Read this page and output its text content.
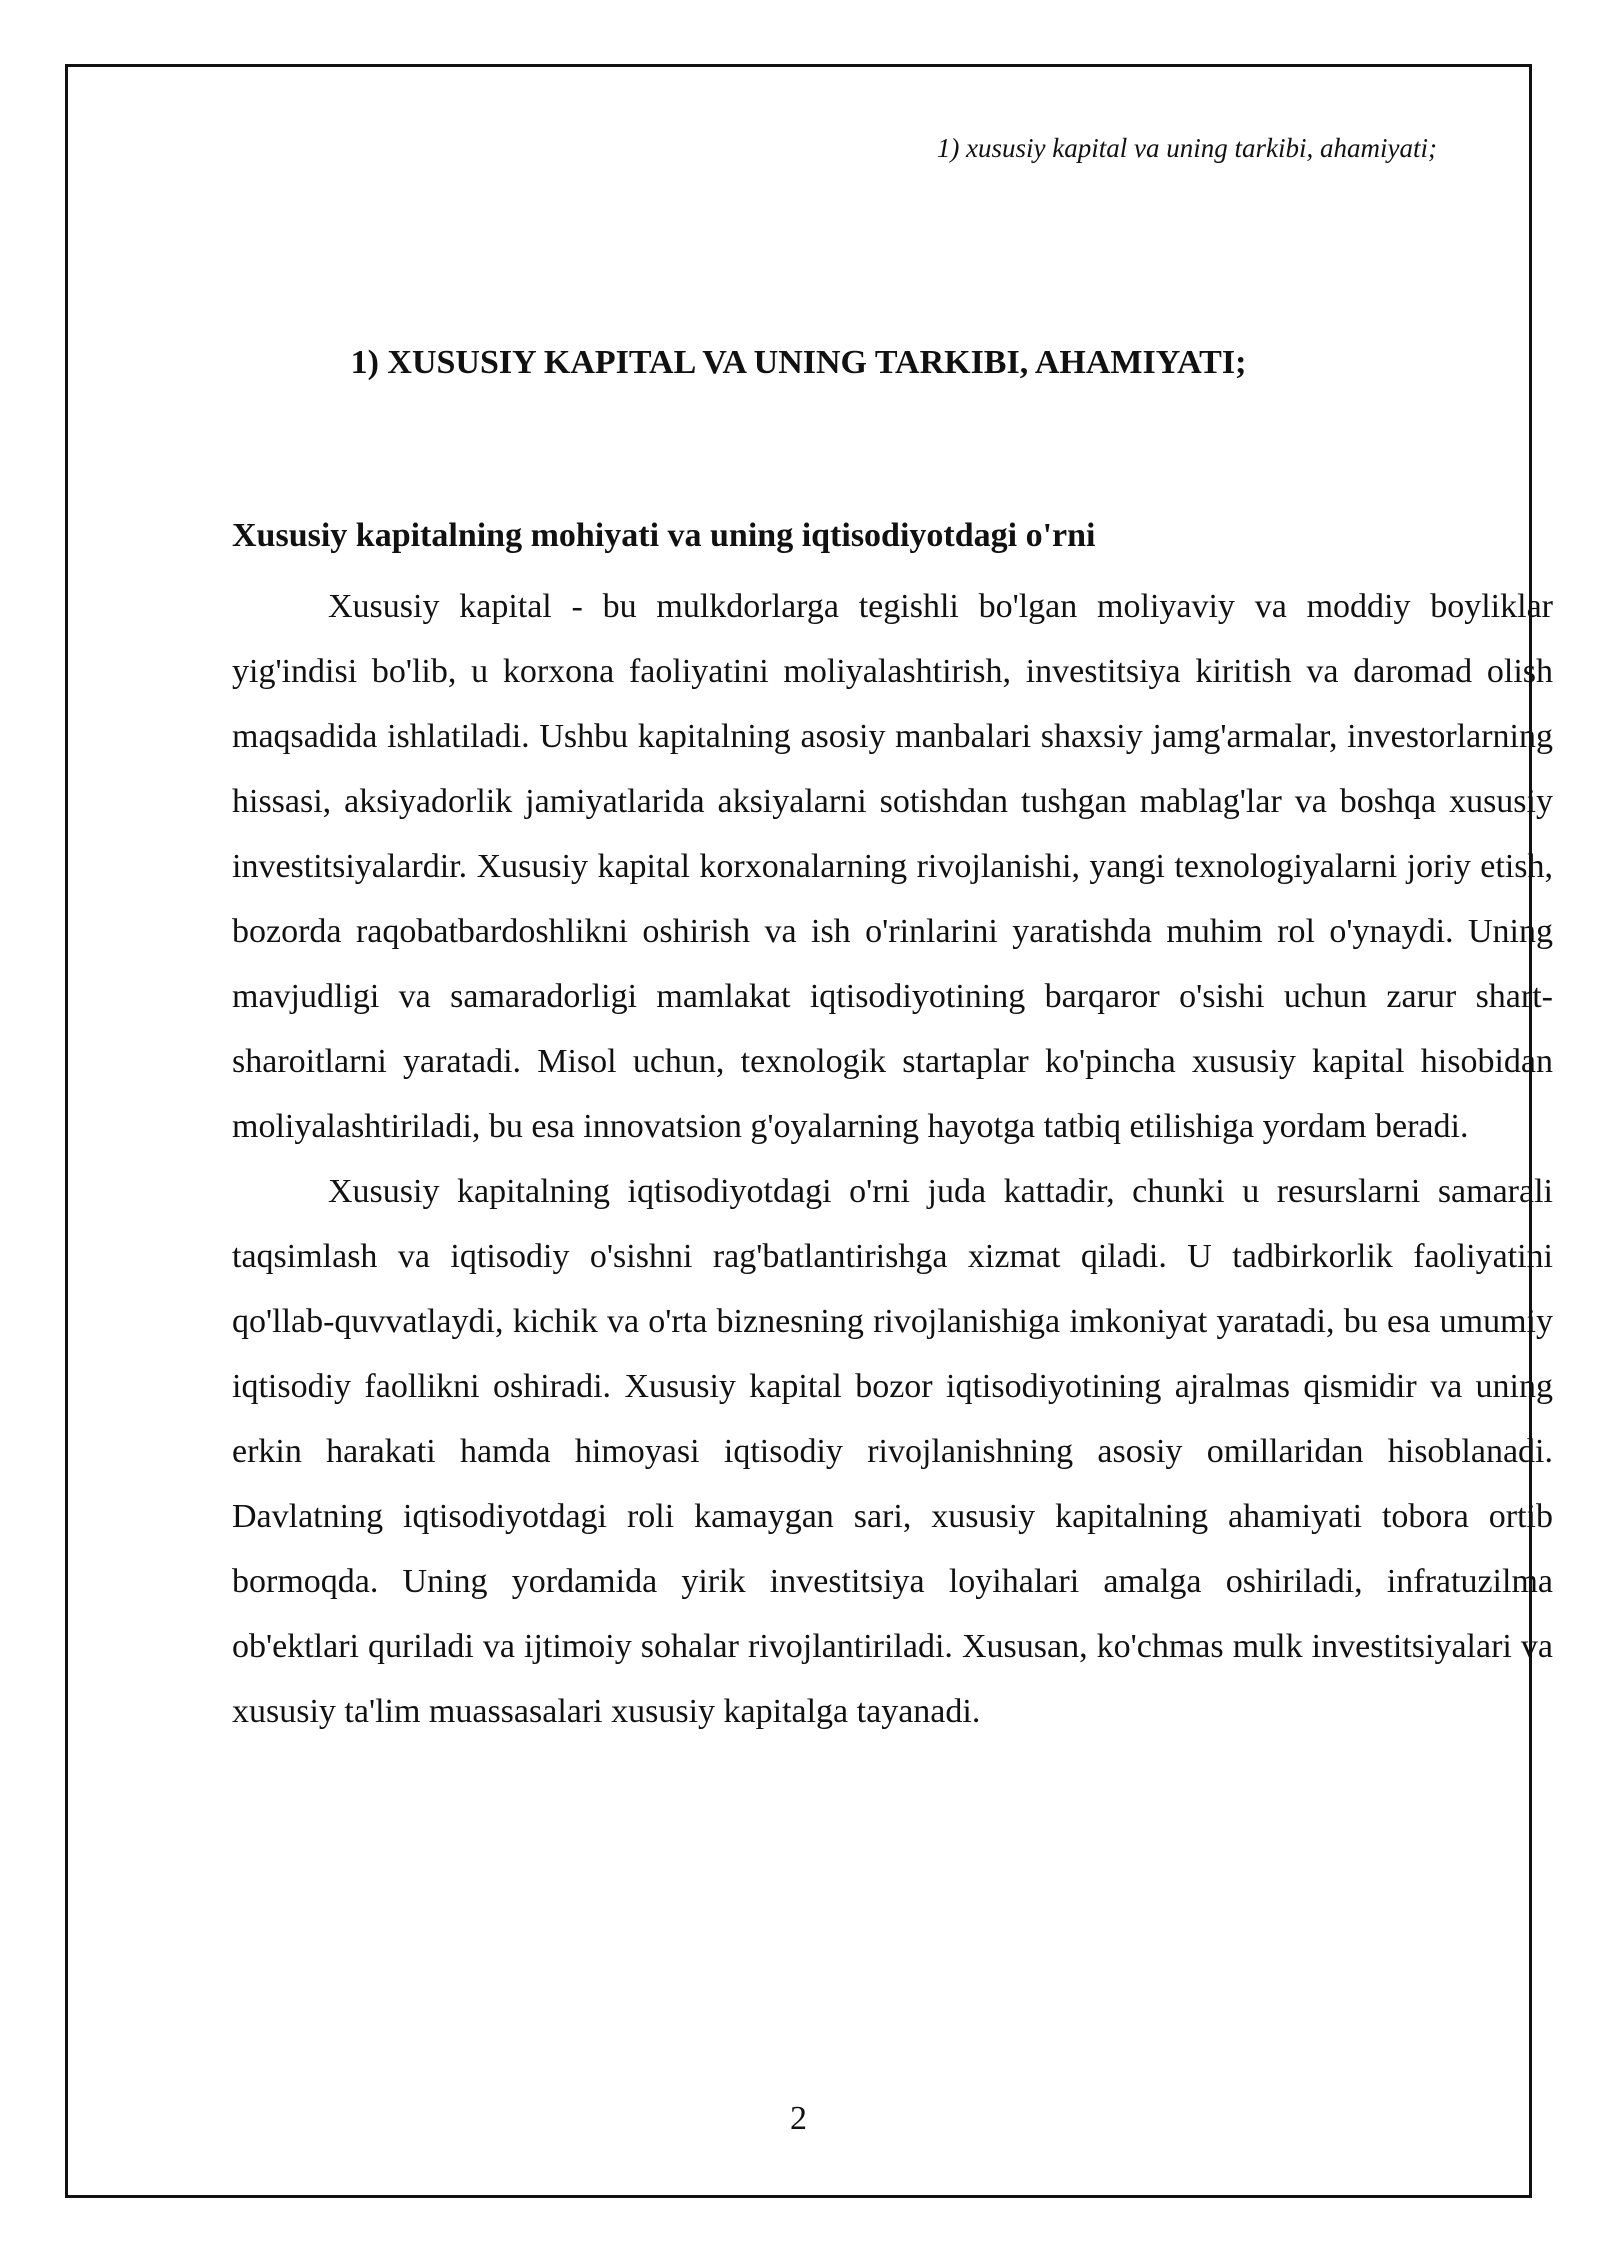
1) xususiy kapital va uning tarkibi, ahamiyati;
1) XUSUSIY KAPITAL VA UNING TARKIBI, AHAMIYATI;
Xususiy kapitalning mohiyati va uning iqtisodiyotdagi o'rni

Xususiy kapital - bu mulkdorlarga tegishli bo'lgan moliyaviy va moddiy boyliklar yig'indisi bo'lib, u korxona faoliyatini moliyalashtirish, investitsiya kiritish va daromad olish maqsadida ishlatiladi. Ushbu kapitalning asosiy manbalari shaxsiy jamg'armalar, investorlarning hissasi, aksiyadorlik jamiyatlarida aksiyalarni sotishdan tushgan mablag'lar va boshqa xususiy investitsiyalardir. Xususiy kapital korxonalarning rivojlanishi, yangi texnologiyalarni joriy etish, bozorda raqobatbardoshlikni oshirish va ish o'rinlarini yaratishda muhim rol o'ynaydi. Uning mavjudligi va samaradorligi mamlakat iqtisodiyotining barqaror o'sishi uchun zarur shart-sharoitlarni yaratadi. Misol uchun, texnologik startaplar ko'pincha xususiy kapital hisobidan moliyalashtiriladi, bu esa innovatsion g'oyalarning hayotga tatbiq etilishiga yordam beradi.

Xususiy kapitalning iqtisodiyotdagi o'rni juda kattadir, chunki u resurslarni samarali taqsimlash va iqtisodiy o'sishni rag'batlantirishga xizmat qiladi. U tadbirkorlik faoliyatini qo'llab-quvvatlaydi, kichik va o'rta biznesning rivojlanishiga imkoniyat yaratadi, bu esa umumiy iqtisodiy faollikni oshiradi. Xususiy kapital bozor iqtisodiyotining ajralmas qismidir va uning erkin harakati hamda himoyasi iqtisodiy rivojlanishning asosiy omillaridan hisoblanadi. Davlatning iqtisodiyotdagi roli kamaygan sari, xususiy kapitalning ahamiyati tobora ortib bormoqda. Uning yordamida yirik investitsiya loyihalari amalga oshiriladi, infratuzilma ob'ektlari quriladi va ijtimoiy sohalar rivojlantiriladi. Xususan, ko'chmas mulk investitsiyalari va xususiy ta'lim muassasalari xususiy kapitalga tayanadi.

2
